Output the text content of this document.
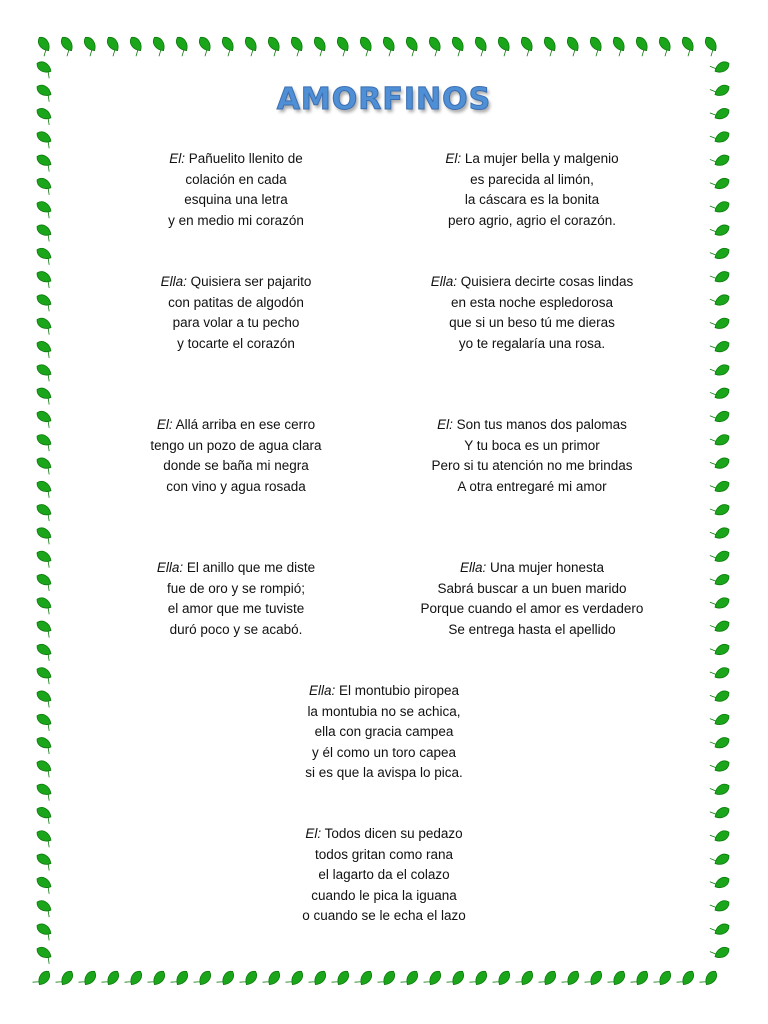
AMORFINOS
El: Pañuelito llenito de
colación en cada
esquina una letra
y en medio mi corazón
El: La mujer bella y malgenio
es parecida al limón,
la cáscara es la bonita
pero agrio, agrio el corazón.
Ella: Quisiera ser pajarito
con patitas de algodón
para volar a tu pecho
y tocarte el corazón
Ella: Quisiera decirte cosas lindas
en esta noche espledorosa
que si un beso tú me dieras
yo te regalaría una rosa.
El: Allá arriba en ese cerro
tengo un pozo de agua clara
donde se baña mi negra
con vino y agua rosada
El: Son tus manos dos palomas
Y tu boca es un primor
Pero si tu atención no me brindas
A otra entregaré mi amor
Ella: El anillo que me diste
fue de oro y se rompió;
el amor que me tuviste
duró poco y se acabó.
Ella: Una mujer honesta
Sabrá buscar a un buen marido
Porque cuando el amor es verdadero
Se entrega hasta el apellido
Ella: El montubio piropea
la montubia no se achica,
ella con gracia campea
y él como un toro capea
si es que la avispa lo pica.
El: Todos dicen su pedazo
todos gritan como rana
el lagarto da el colazo
cuando le pica la iguana
o cuando se le echa el lazo
